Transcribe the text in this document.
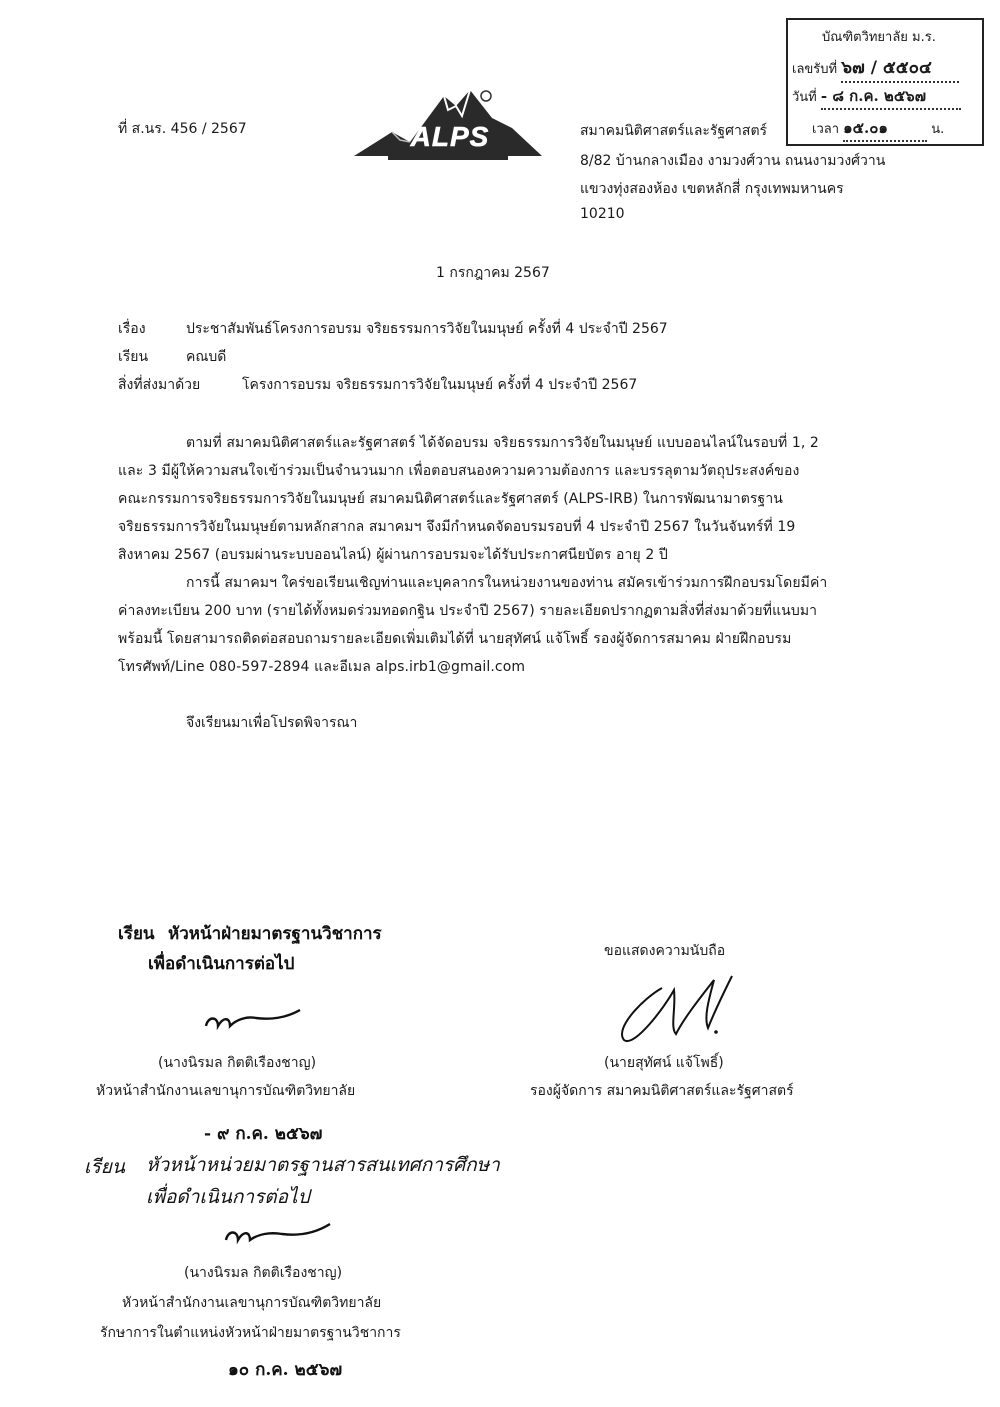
บัณฑิตวิทยาลัย ม.ร.
เลขรับที่ ๖๗ / ๕๕๐๔
วันที่ - ๘ ก.ค. ๒๕๖๗
เวลา ๑๕.๐๑	น.
ที่ ส.นร. 456 / 2567	ALPS	สมาคมนิติศาสตร์และรัฐศาสตร์
8/82 บ้านกลางเมือง งามวงศ์วาน ถนนงามวงศ์วาน
แขวงทุ่งสองห้อง เขตหลักสี่ กรุงเทพมหานคร
10210
1 กรกฎาคม 2567
เรื่อง	ประชาสัมพันธ์โครงการอบรม จริยธรรมการวิจัยในมนุษย์ ครั้งที่ 4 ประจำปี 2567
เรียน	คณบดี
สิ่งที่ส่งมาด้วย	โครงการอบรม จริยธรรมการวิจัยในมนุษย์ ครั้งที่ 4 ประจำปี 2567
ตามที่ สมาคมนิติศาสตร์และรัฐศาสตร์ ได้จัดอบรม จริยธรรมการวิจัยในมนุษย์ แบบออนไลน์ในรอบที่ 1, 2
และ 3 มีผู้ให้ความสนใจเข้าร่วมเป็นจำนวนมาก เพื่อตอบสนองความความต้องการ และบรรลุตามวัตถุประสงค์ของ
คณะกรรมการจริยธรรมการวิจัยในมนุษย์ สมาคมนิติศาสตร์และรัฐศาสตร์ (ALPS-IRB) ในการพัฒนามาตรฐาน
จริยธรรมการวิจัยในมนุษย์ตามหลักสากล สมาคมฯ จึงมีกำหนดจัดอบรมรอบที่ 4 ประจำปี 2567 ในวันจันทร์ที่ 19
สิงหาคม 2567 (อบรมผ่านระบบออนไลน์) ผู้ผ่านการอบรมจะได้รับประกาศนียบัตร อายุ 2 ปี
การนี้ สมาคมฯ ใคร่ขอเรียนเชิญท่านและบุคลากรในหน่วยงานของท่าน สมัครเข้าร่วมการฝึกอบรมโดยมีค่า
ค่าลงทะเบียน 200 บาท (รายได้ทั้งหมดร่วมทอดกฐิน ประจำปี 2567) รายละเอียดปรากฏตามสิ่งที่ส่งมาด้วยที่แนบมา
พร้อมนี้ โดยสามารถติดต่อสอบถามรายละเอียดเพิ่มเติมได้ที่ นายสุทัศน์ แจ้โพธิ์ รองผู้จัดการสมาคม ฝ่ายฝึกอบรม
โทรศัพท์/Line 080-597-2894 และอีเมล alps.irb1@gmail.com
จึงเรียนมาเพื่อโปรดพิจารณา
ขอแสดงความนับถือ
(นายสุทัศน์ แจ้โพธิ์)
รองผู้จัดการ สมาคมนิติศาสตร์และรัฐศาสตร์
เรียน หัวหน้าฝ่ายมาตรฐานวิชาการ
เพื่อดำเนินการต่อไป
(นางนิรมล กิตติเรืองชาญ)
หัวหน้าสำนักงานเลขานุการบัณฑิตวิทยาลัย
- ๙ ก.ค. ๒๕๖๗
เรียน หัวหน้าหน่วยมาตรฐานสารสนเทศการศึกษา
เพื่อดำเนินการต่อไป
(นางนิรมล กิตติเรืองชาญ)
หัวหน้าสำนักงานเลขานุการบัณฑิตวิทยาลัย
รักษาการในตำแหน่งหัวหน้าฝ่ายมาตรฐานวิชาการ
๑๐ ก.ค. ๒๕๖๗
